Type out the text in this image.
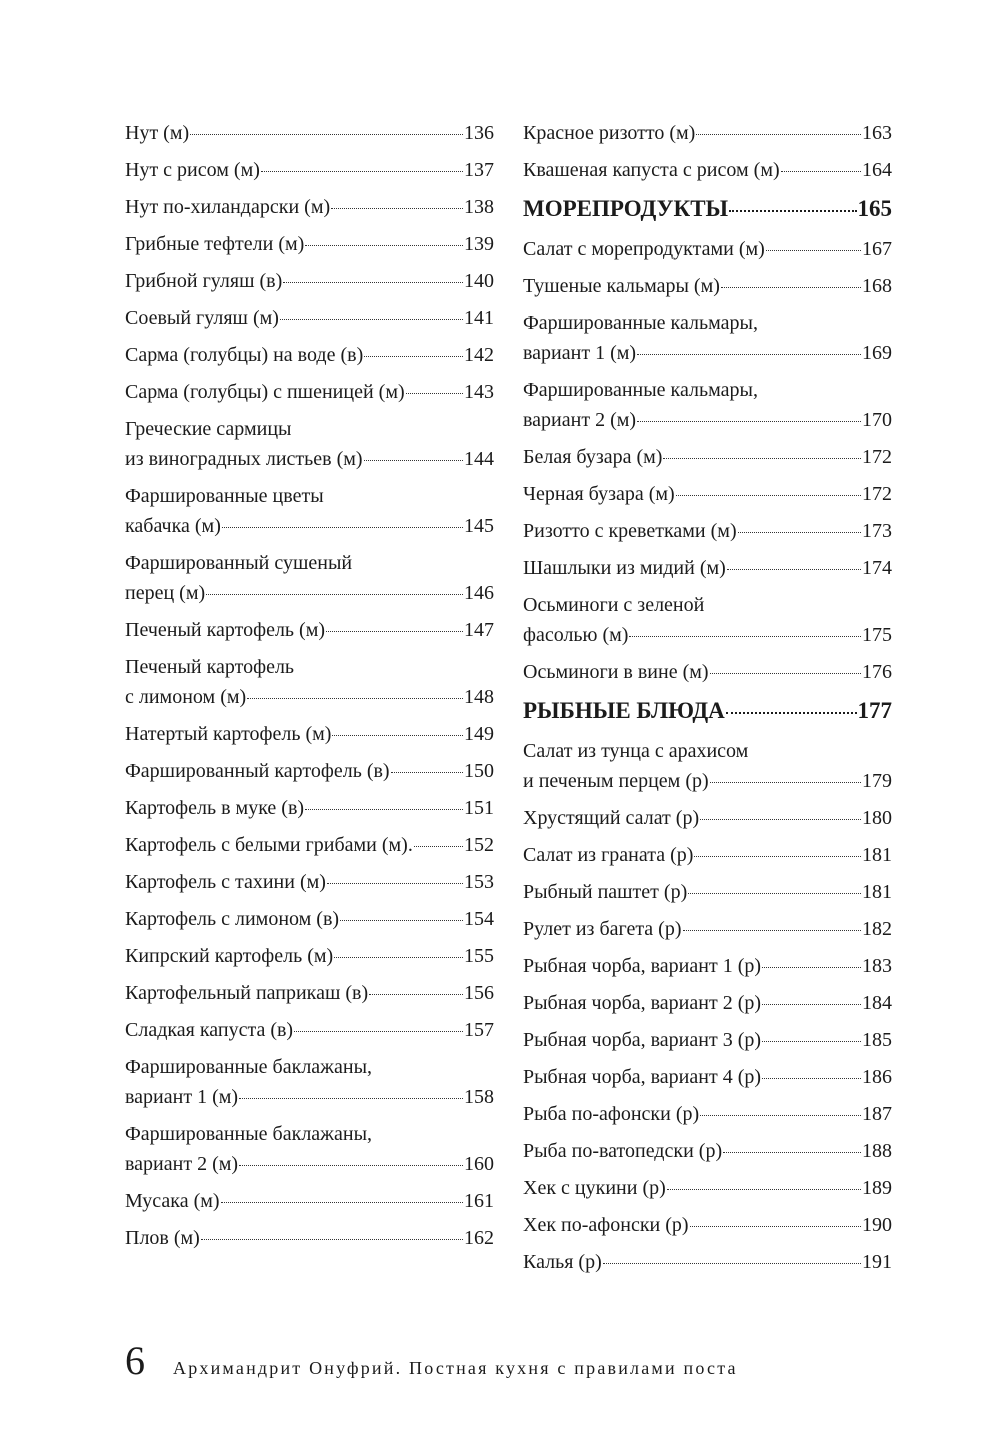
Нут (м)	136
Нут с рисом (м)	137
Нут по-хиландарски (м)	138
Грибные тефтели (м)	139
Грибной гуляш (в)	140
Соевый гуляш (м)	141
Сарма (голубцы) на воде (в)	142
Сарма (голубцы) с пшеницей (м)	143
Греческие сармицы
из виноградных листьев (м)	144
Фаршированные цветы
кабачка (м)	145
Фаршированный сушеный
перец (м)	146
Печеный картофель (м)	147
Печеный картофель
с лимоном (м)	148
Натертый картофель (м)	149
Фаршированный картофель (в)	150
Картофель в муке (в)	151
Картофель с белыми грибами (м).	152
Картофель с тахини (м)	153
Картофель с лимоном (в)	154
Кипрский картофель (м)	155
Картофельный паприкаш (в)	156
Сладкая капуста (в)	157
Фаршированные баклажаны,
вариант 1 (м)	158
Фаршированные баклажаны,
вариант 2 (м)	160
Мусака (м)	161
Плов (м)	162
Красное ризотто (м)	163
Квашеная капуста с рисом (м)	164
МОРЕПРОДУКТЫ	165
Салат с морепродуктами (м)	167
Тушеные кальмары (м)	168
Фаршированные кальмары,
вариант 1 (м)	169
Фаршированные кальмары,
вариант 2 (м)	170
Белая бузара (м)	172
Черная бузара (м)	172
Ризотто с креветками (м)	173
Шашлыки из мидий (м)	174
Осьминоги с зеленой
фасолью (м)	175
Осьминоги в вине (м)	176
РЫБНЫЕ БЛЮДА	177
Салат из тунца с арахисом
и печеным перцем (р)	179
Хрустящий салат (р)	180
Салат из граната (р)	181
Рыбный паштет (р)	181
Рулет из багета (р)	182
Рыбная чорба, вариант 1 (р)	183
Рыбная чорба, вариант 2 (р)	184
Рыбная чорба, вариант 3 (р)	185
Рыбная чорба, вариант 4 (р)	186
Рыба по-афонски (р)	187
Рыба по-ватопедски (р)	188
Хек с цукини (р)	189
Хек по-афонски (р)	190
Калья (р)	191
6 Архимандрит Онуфрий. Постная кухня с правилами поста
